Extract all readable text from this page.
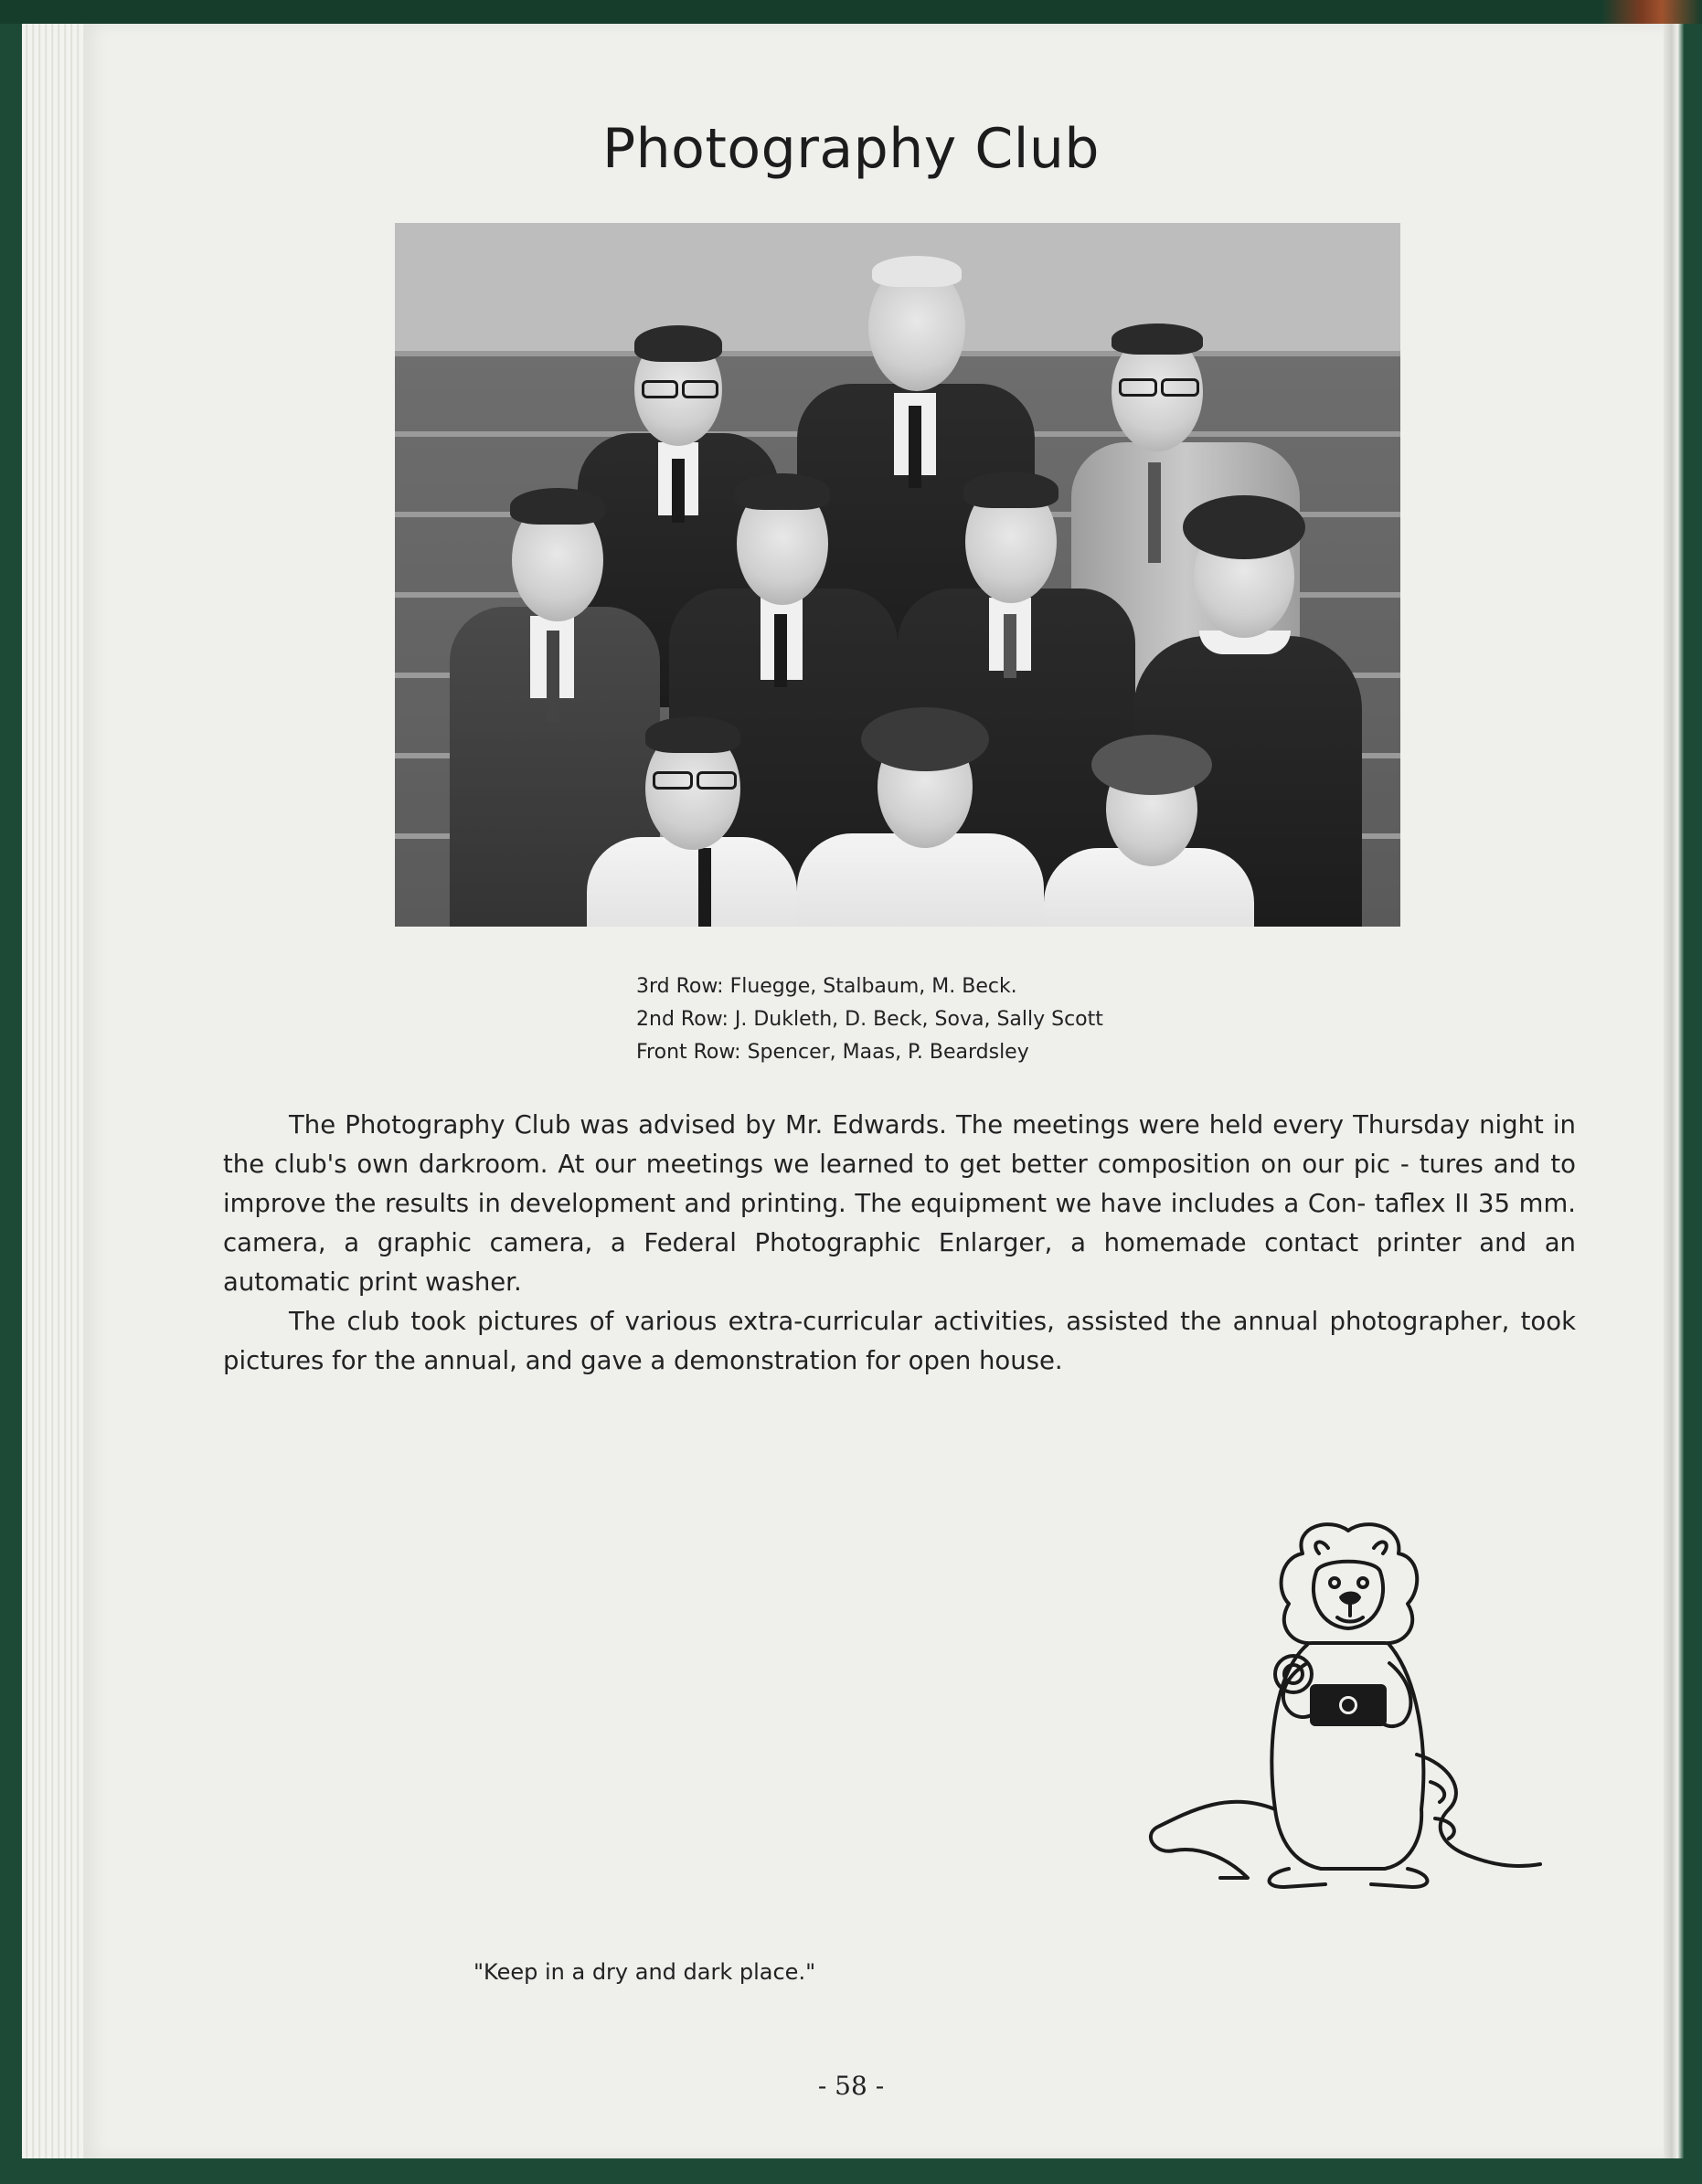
Photography Club
3rd Row: Fluegge, Stalbaum, M. Beck.
2nd Row: J. Dukleth, D. Beck, Sova, Sally Scott
Front Row: Spencer, Maas, P. Beardsley

The Photography Club was advised by Mr. Edwards. The meetings were held every Thursday night in the club's own darkroom. At our meetings we learned to get better composition on our pic - tures and to improve the results in development and printing. The equipment we have includes a Con- taflex II 35 mm. camera, a graphic camera, a Federal Photographic Enlarger, a homemade contact printer and an automatic print washer.

The club took pictures of various extra-curricular activities, assisted the annual photographer, took pictures for the annual, and gave a demonstration for open house.

"Keep in a dry and dark place."
- 58 -
